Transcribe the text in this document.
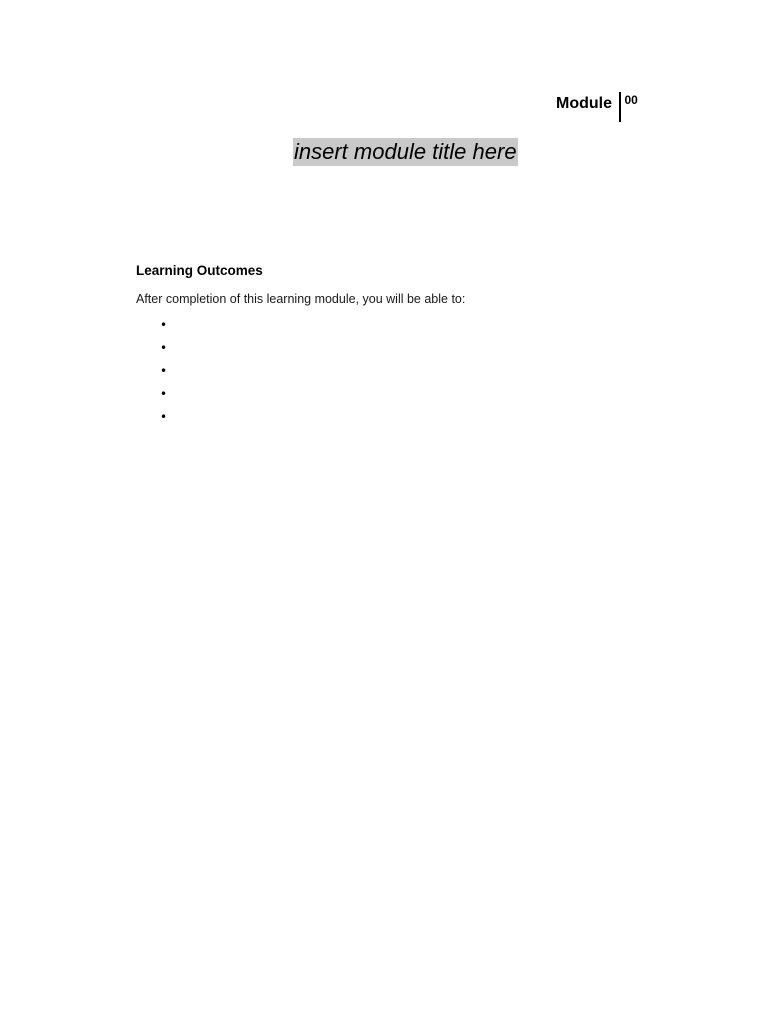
Module 00
insert module title here
Learning Outcomes
After completion of this learning module, you will be able to:
•
•
•
•
•
